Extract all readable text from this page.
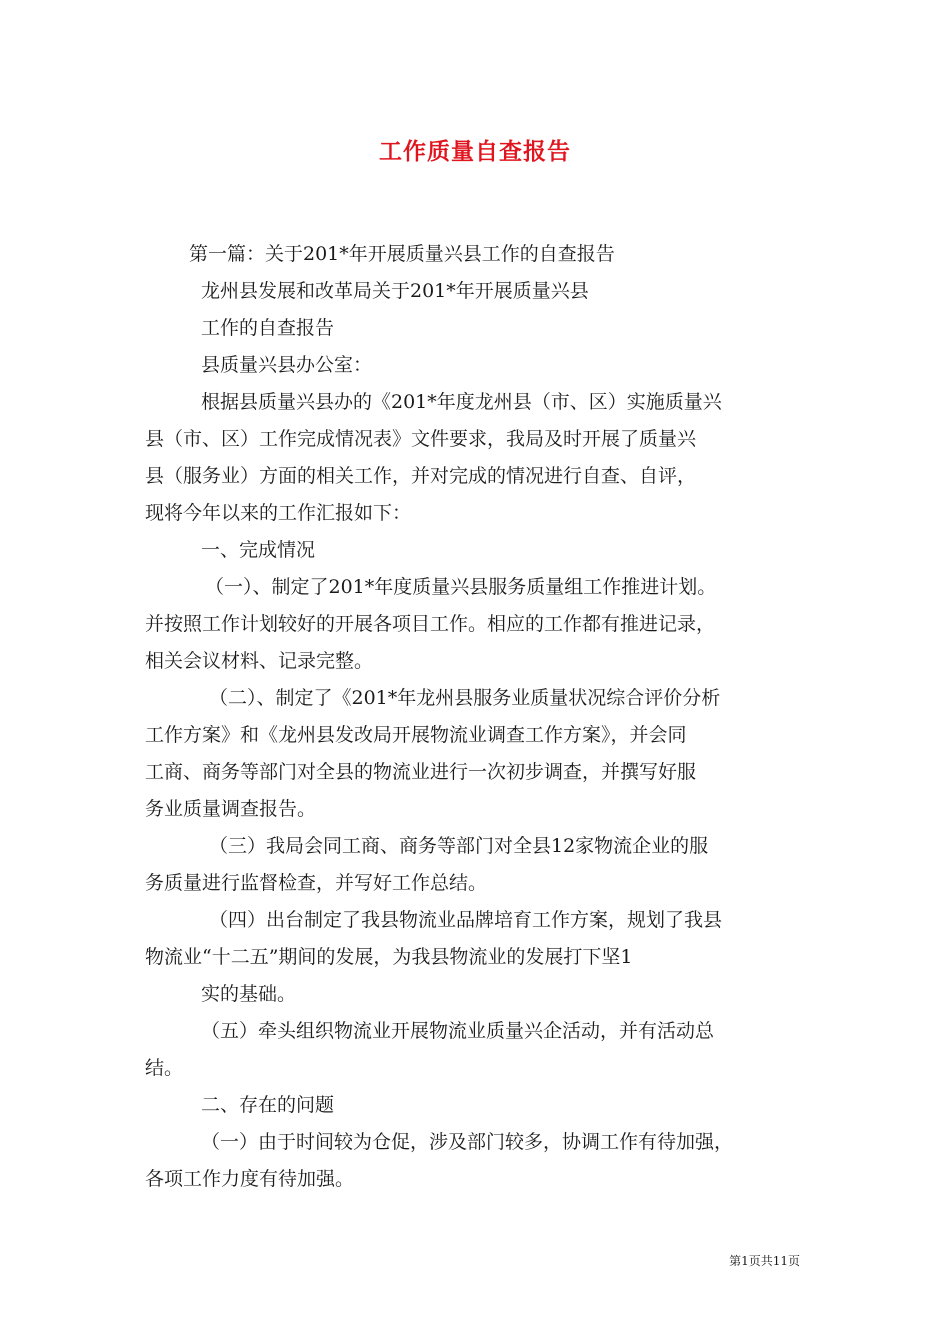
工作质量自查报告

第一篇：关于201*年开展质量兴县工作的自查报告

龙州县发展和改革局关于201*年开展质量兴县

工作的自查报告

县质量兴县办公室：

根据县质量兴县办的《201*年度龙州县（市、区）实施质量兴

县（市、区）工作完成情况表》文件要求，我局及时开展了质量兴

县（服务业）方面的相关工作，并对完成的情况进行自查、自评，

现将今年以来的工作汇报如下：

一、完成情况

（一）、制定了201*年度质量兴县服务质量组工作推进计划。

并按照工作计划较好的开展各项目工作。相应的工作都有推进记录，

相关会议材料、记录完整。

（二）、制定了《201*年龙州县服务业质量状况综合评价分析

工作方案》和《龙州县发改局开展物流业调查工作方案》，并会同

工商、商务等部门对全县的物流业进行一次初步调查，并撰写好服

务业质量调查报告。

（三）我局会同工商、商务等部门对全县12家物流企业的服

务质量进行监督检查，并写好工作总结。

（四）出台制定了我县物流业品牌培育工作方案，规划了我县

物流业“十二五”期间的发展，为我县物流业的发展打下坚1

实的基础。

（五）牵头组织物流业开展物流业质量兴企活动，并有活动总

结。

二、存在的问题

（一）由于时间较为仓促，涉及部门较多，协调工作有待加强，

各项工作力度有待加强。

第1页共11页
